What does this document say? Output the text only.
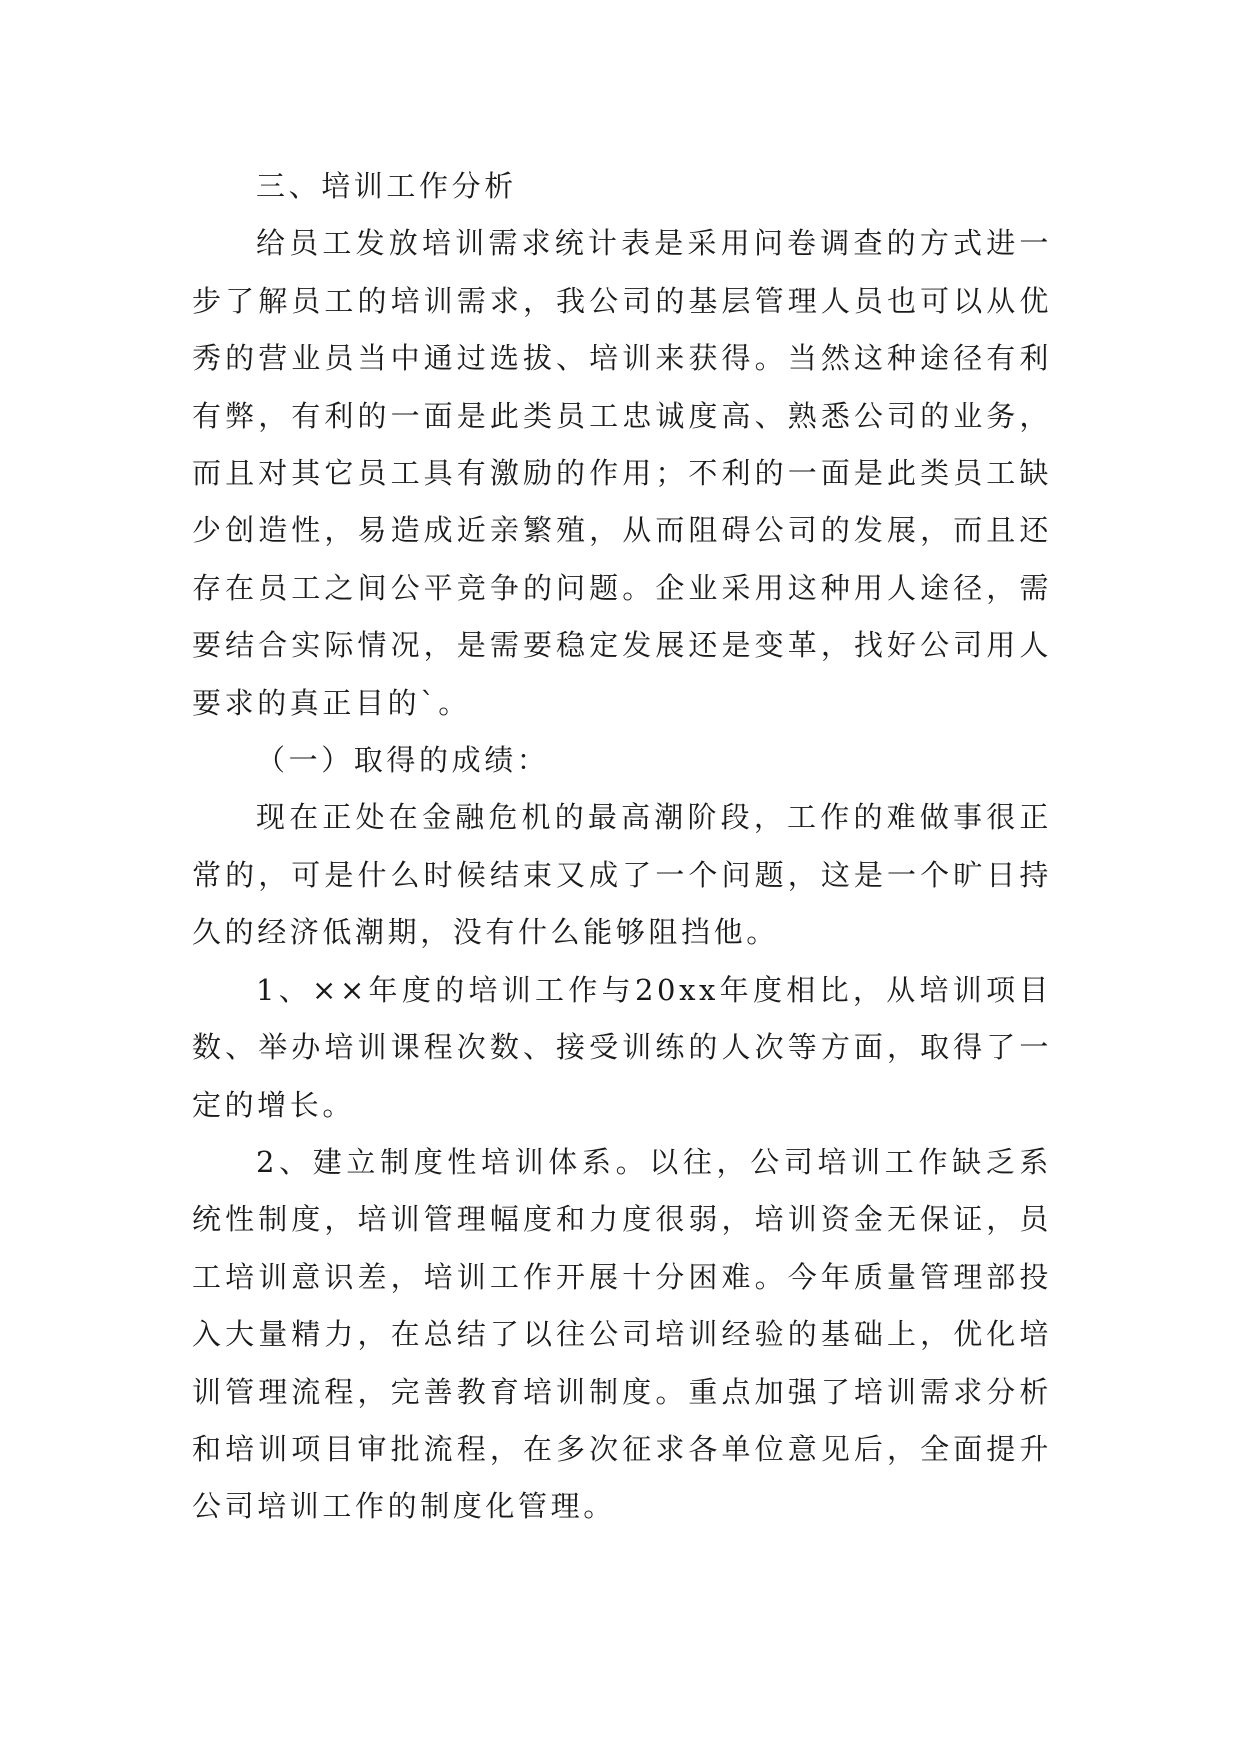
三、培训工作分析

给员工发放培训需求统计表是采用问卷调查的方式进一步了解员工的培训需求，我公司的基层管理人员也可以从优秀的营业员当中通过选拔、培训来获得。当然这种途径有利有弊，有利的一面是此类员工忠诚度高、熟悉公司的业务，而且对其它员工具有激励的作用；不利的一面是此类员工缺少创造性，易造成近亲繁殖，从而阻碍公司的发展，而且还存在员工之间公平竞争的问题。企业采用这种用人途径，需要结合实际情况，是需要稳定发展还是变革，找好公司用人要求的真正目的`。

（一）取得的成绩：

现在正处在金融危机的最高潮阶段，工作的难做事很正常的，可是什么时候结束又成了一个问题，这是一个旷日持久的经济低潮期，没有什么能够阻挡他。

1、××年度的培训工作与20xx年度相比，从培训项目数、举办培训课程次数、接受训练的人次等方面，取得了一定的增长。

2、建立制度性培训体系。以往，公司培训工作缺乏系统性制度，培训管理幅度和力度很弱，培训资金无保证，员工培训意识差，培训工作开展十分困难。今年质量管理部投入大量精力，在总结了以往公司培训经验的基础上，优化培训管理流程，完善教育培训制度。重点加强了培训需求分析和培训项目审批流程，在多次征求各单位意见后，全面提升公司培训工作的制度化管理。
